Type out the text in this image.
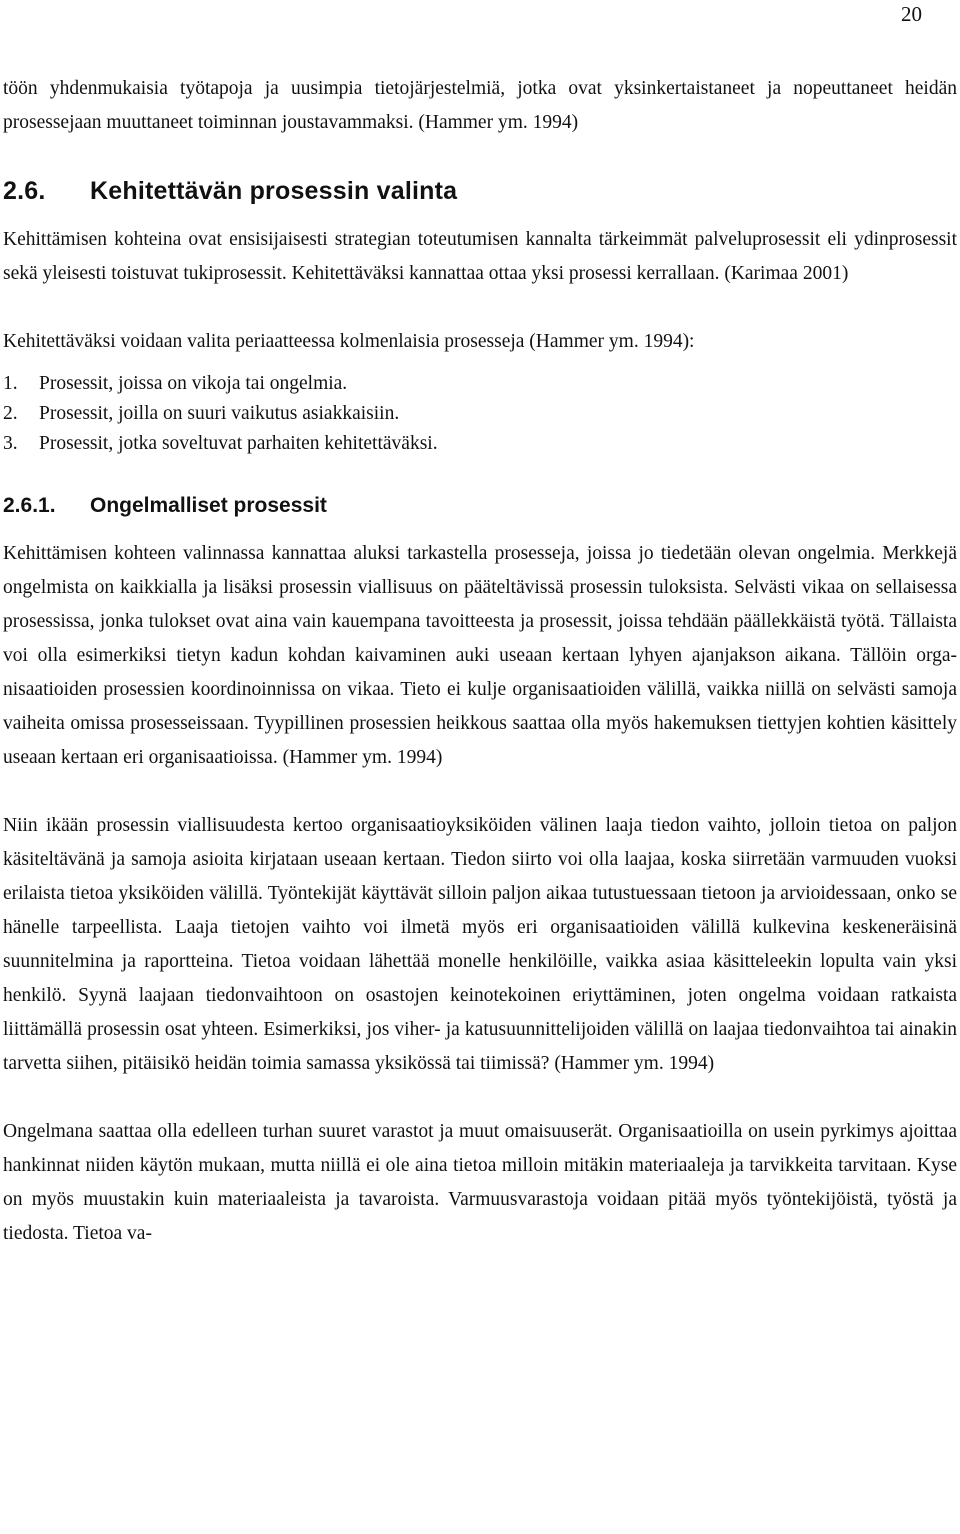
20

töön yhdenmukaisia työtapoja ja uusimpia tietojärjestelmiä, jotka ovat yksinkertaistaneet ja nopeuttaneet heidän prosessejaan muuttaneet toiminnan joustavammaksi. (Hammer ym. 1994)

2.6. Kehitettävän prosessin valinta

Kehittämisen kohteina ovat ensisijaisesti strategian toteutumisen kannalta tärkeimmät palveluprosessit eli ydinprosessit sekä yleisesti toistuvat tukiprosessit. Kehitettäväksi kannattaa ottaa yksi prosessi kerrallaan. (Karimaa 2001)

Kehitettäväksi voidaan valita periaatteessa kolmenlaisia prosesseja (Hammer ym. 1994):

1. Prosessit, joissa on vikoja tai ongelmia.
2. Prosessit, joilla on suuri vaikutus asiakkaisiin.
3. Prosessit, jotka soveltuvat parhaiten kehitettäväksi.
2.6.1. Ongelmalliset prosessit

Kehittämisen kohteen valinnassa kannattaa aluksi tarkastella prosesseja, joissa jo tiedetään olevan ongelmia. Merkkejä ongelmista on kaikkialla ja lisäksi prosessin viallisuus on pääteltävissä prosessin tuloksista. Selvästi vikaa on sellaisessa prosessissa, jonka tulokset ovat aina vain kauempana tavoitteesta ja prosessit, joissa tehdään päällekkäistä työtä. Tällaista voi olla esimerkiksi tietyn kadun kohdan kaivaminen auki useaan kertaan lyhyen ajanjakson aikana. Tällöin organisaatioiden prosessien koordinoinnissa on vikaa. Tieto ei kulje organisaatioiden välillä, vaikka niillä on selvästi samoja vaiheita omissa prosesseissaan. Tyypillinen prosessien heikkous saattaa olla myös hakemuksen tiettyjen kohtien käsittely useaan kertaan eri organisaatioissa. (Hammer ym. 1994)

Niin ikään prosessin viallisuudesta kertoo organisaatioyksiköiden välinen laaja tiedon vaihto, jolloin tietoa on paljon käsiteltävänä ja samoja asioita kirjataan useaan kertaan. Tiedon siirto voi olla laajaa, koska siirretään varmuuden vuoksi erilaista tietoa yksiköiden välillä. Työntekijät käyttävät silloin paljon aikaa tutustuessaan tietoon ja arvioidessaan, onko se hänelle tarpeellista. Laaja tietojen vaihto voi ilmetä myös eri organisaatioiden välillä kulkevina keskeneräisinä suunnitelmina ja raportteina. Tietoa voidaan lähettää monelle henkilöille, vaikka asiaa käsitteleekin lopulta vain yksi henkilö. Syynä laajaan tiedonvaihtoon on osastojen keinotekoinen eriyttäminen, joten ongelma voidaan ratkaista liittämällä prosessin osat yhteen. Esimerkiksi, jos viher- ja katusuunnittelijoiden välillä on laajaa tiedonvaihtoa tai ainakin tarvetta siihen, pitäisikö heidän toimia samassa yksikössä tai tiimissä? (Hammer ym. 1994)

Ongelmana saattaa olla edelleen turhan suuret varastot ja muut omaisuuserät. Organisaatioilla on usein pyrkimys ajoittaa hankinnat niiden käytön mukaan, mutta niillä ei ole aina tietoa milloin mitäkin materiaaleja ja tarvikkeita tarvitaan. Kyse on myös muustakin kuin materiaaleista ja tavaroista. Varmuusvarastoja voidaan pitää myös työntekijöistä, työstä ja tiedosta. Tietoa va-
